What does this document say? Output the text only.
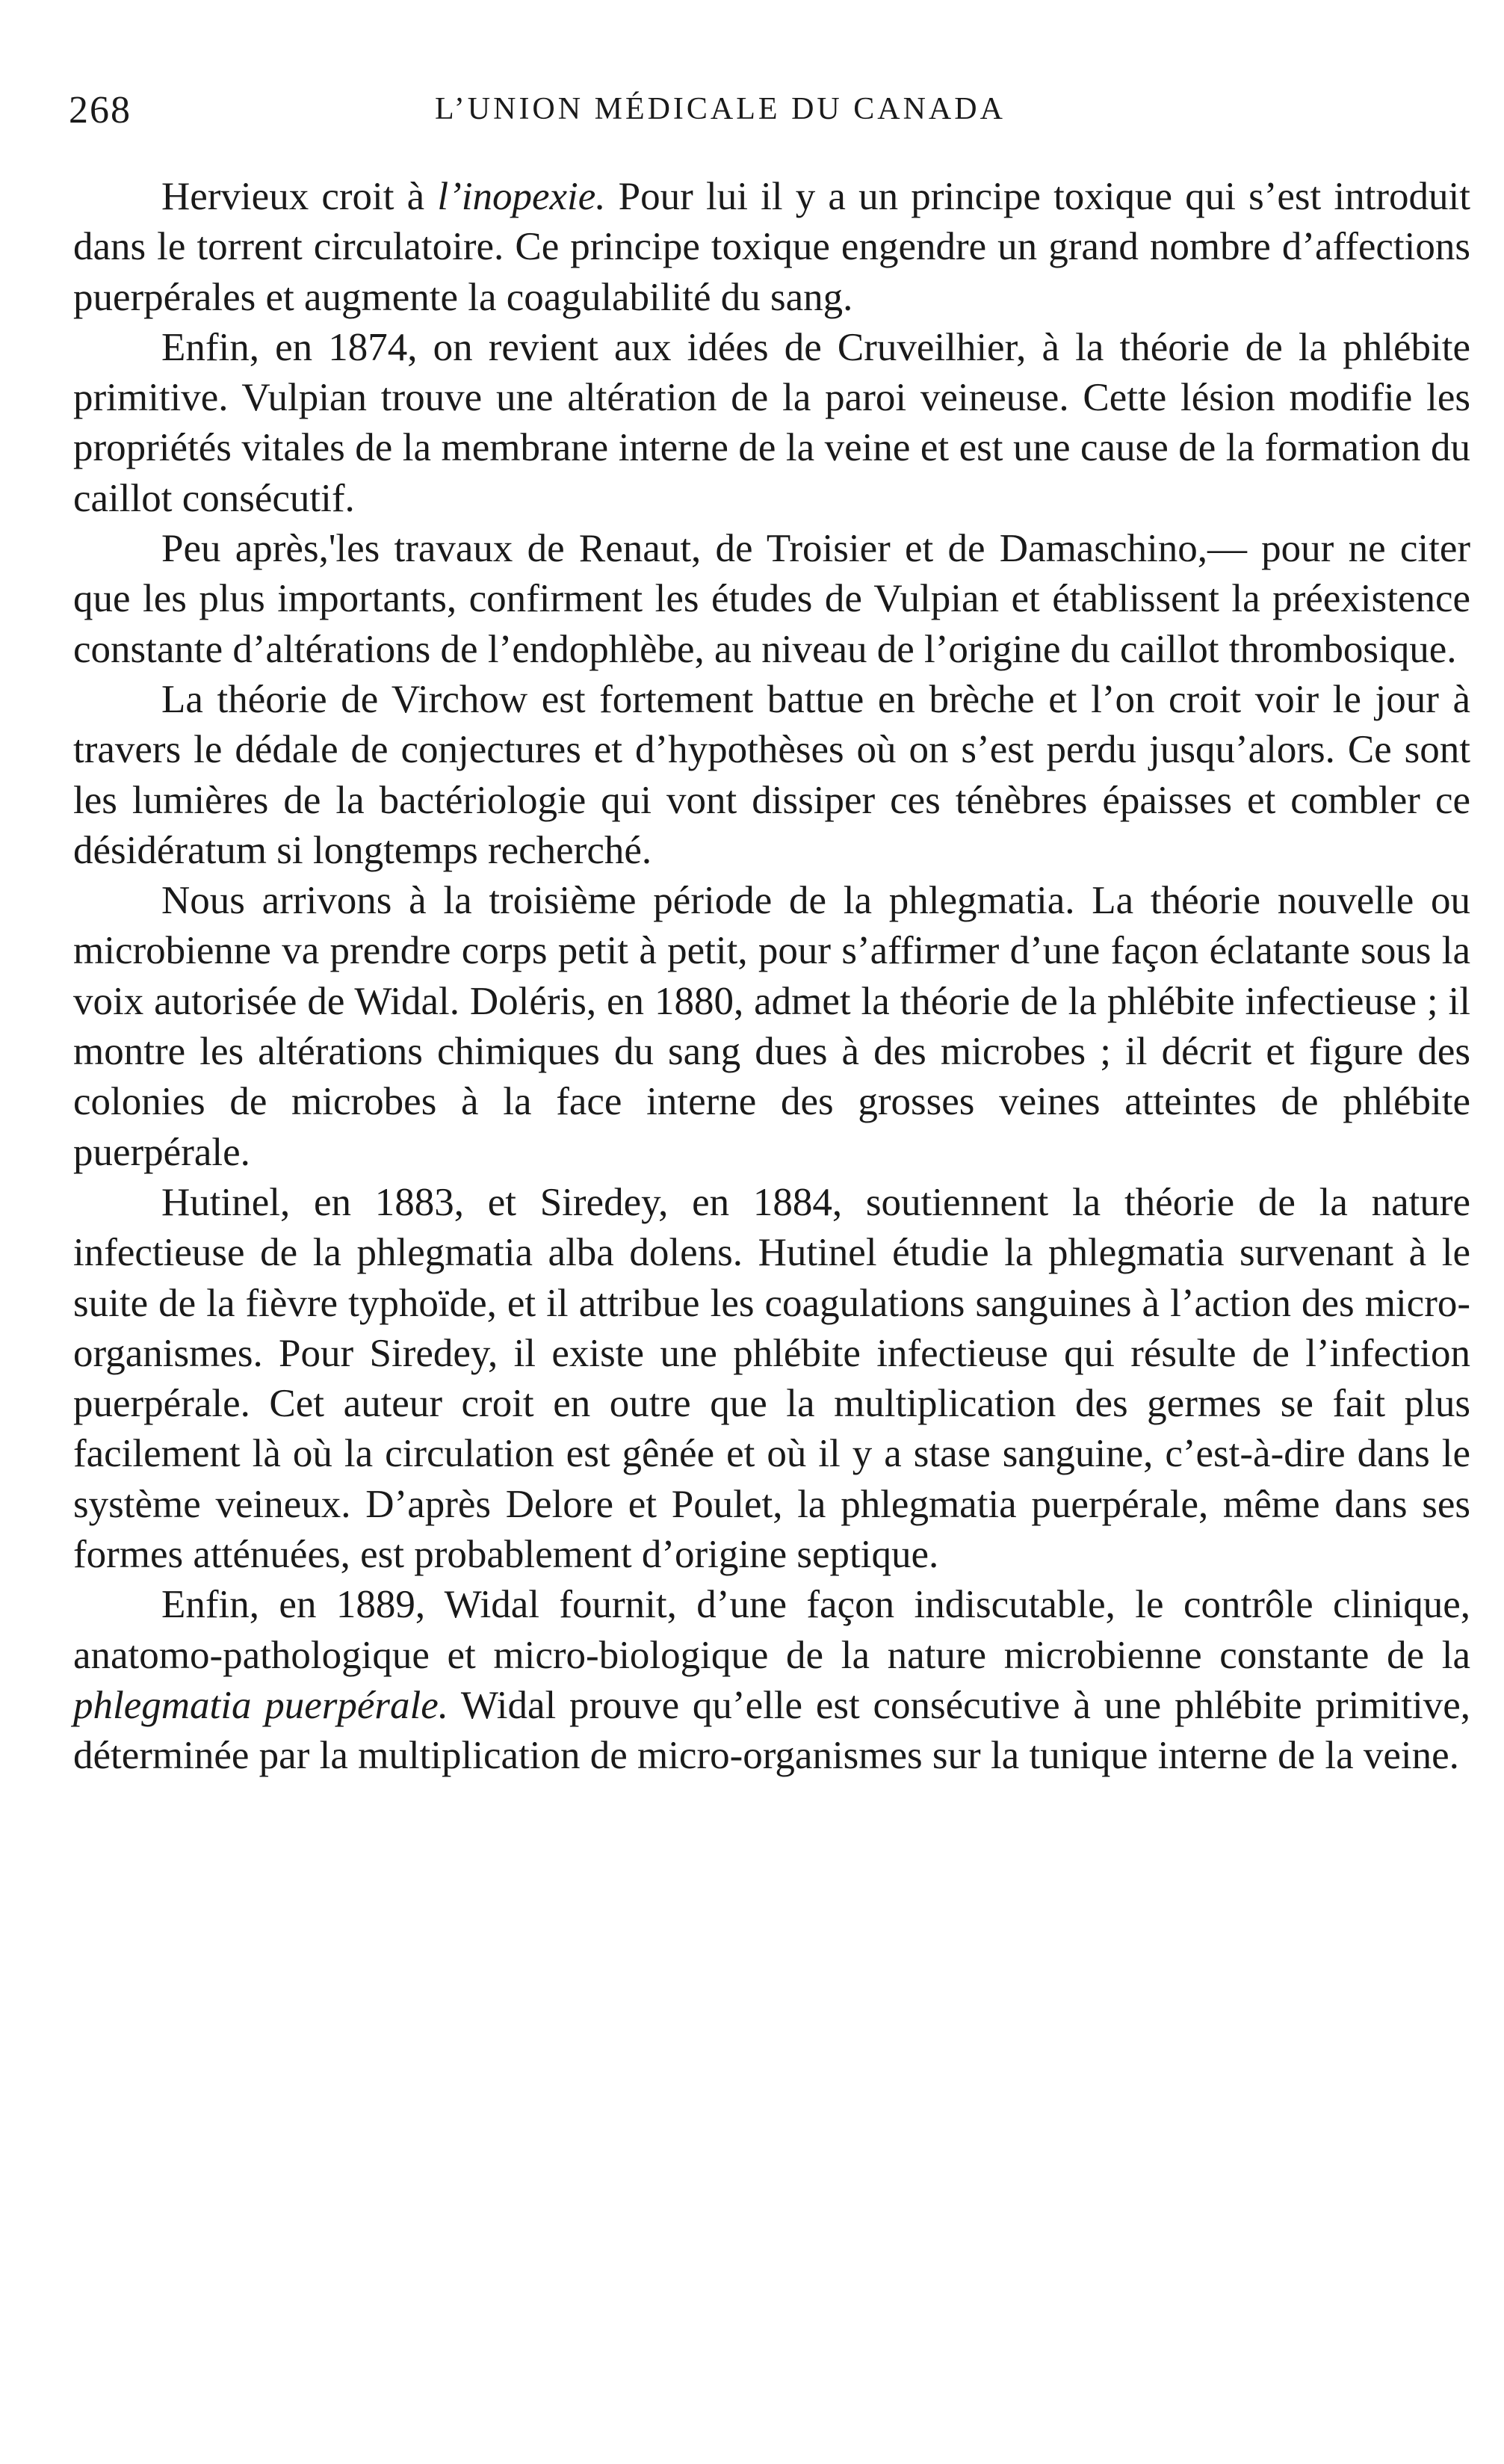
268	L’UNION MÉDICALE DU CANADA

Hervieux croit à l’inopexie. Pour lui il y a un principe toxique qui s’est introduit dans le torrent circulatoire. Ce principe toxique engendre un grand nombre d’affections puerpérales et augmente la coagulabilité du sang.

Enfin, en 1874, on revient aux idées de Cruveilhier, à la théorie de la phlébite primitive. Vulpian trouve une altération de la paroi veineuse. Cette lésion modifie les propriétés vitales de la membrane interne de la veine et est une cause de la formation du caillot consécutif.

Peu après,'les travaux de Renaut, de Troisier et de Damaschino,— pour ne citer que les plus importants, confirment les études de Vulpian et établissent la préexistence constante d’altérations de l’endophlèbe, au niveau de l’origine du caillot thrombosique.

La théorie de Virchow est fortement battue en brèche et l’on croit voir le jour à travers le dédale de conjectures et d’hypothèses où on s’est perdu jusqu’alors. Ce sont les lumières de la bactériologie qui vont dissiper ces ténèbres épaisses et combler ce désidératum si longtemps recherché.

Nous arrivons à la troisième période de la phlegmatia. La théorie nouvelle ou microbienne va prendre corps petit à petit, pour s’affirmer d’une façon éclatante sous la voix autorisée de Widal. Doléris, en 1880, admet la théorie de la phlébite infectieuse ; il montre les altérations chimiques du sang dues à des microbes ; il décrit et figure des colonies de microbes à la face interne des grosses veines atteintes de phlébite puerpérale.

Hutinel, en 1883, et Siredey, en 1884, soutiennent la théorie de la nature infectieuse de la phlegmatia alba dolens. Hutinel étudie la phlegmatia survenant à le suite de la fièvre typhoïde, et il attribue les coagulations sanguines à l’action des micro-organismes. Pour Siredey, il existe une phlébite infectieuse qui résulte de l’infection puerpérale. Cet auteur croit en outre que la multiplication des germes se fait plus facilement là où la circulation est gênée et où il y a stase sanguine, c’est-à-dire dans le système veineux. D’après Delore et Poulet, la phlegmatia puerpérale, même dans ses formes atténuées, est probablement d’origine septique.

Enfin, en 1889, Widal fournit, d’une façon indiscutable, le contrôle clinique, anatomo-pathologique et micro-biologique de la nature microbienne constante de la phlegmatia puerpérale. Widal prouve qu’elle est consécutive à une phlébite primitive, déterminée par la multiplication de micro-organismes sur la tunique interne de la veine.
